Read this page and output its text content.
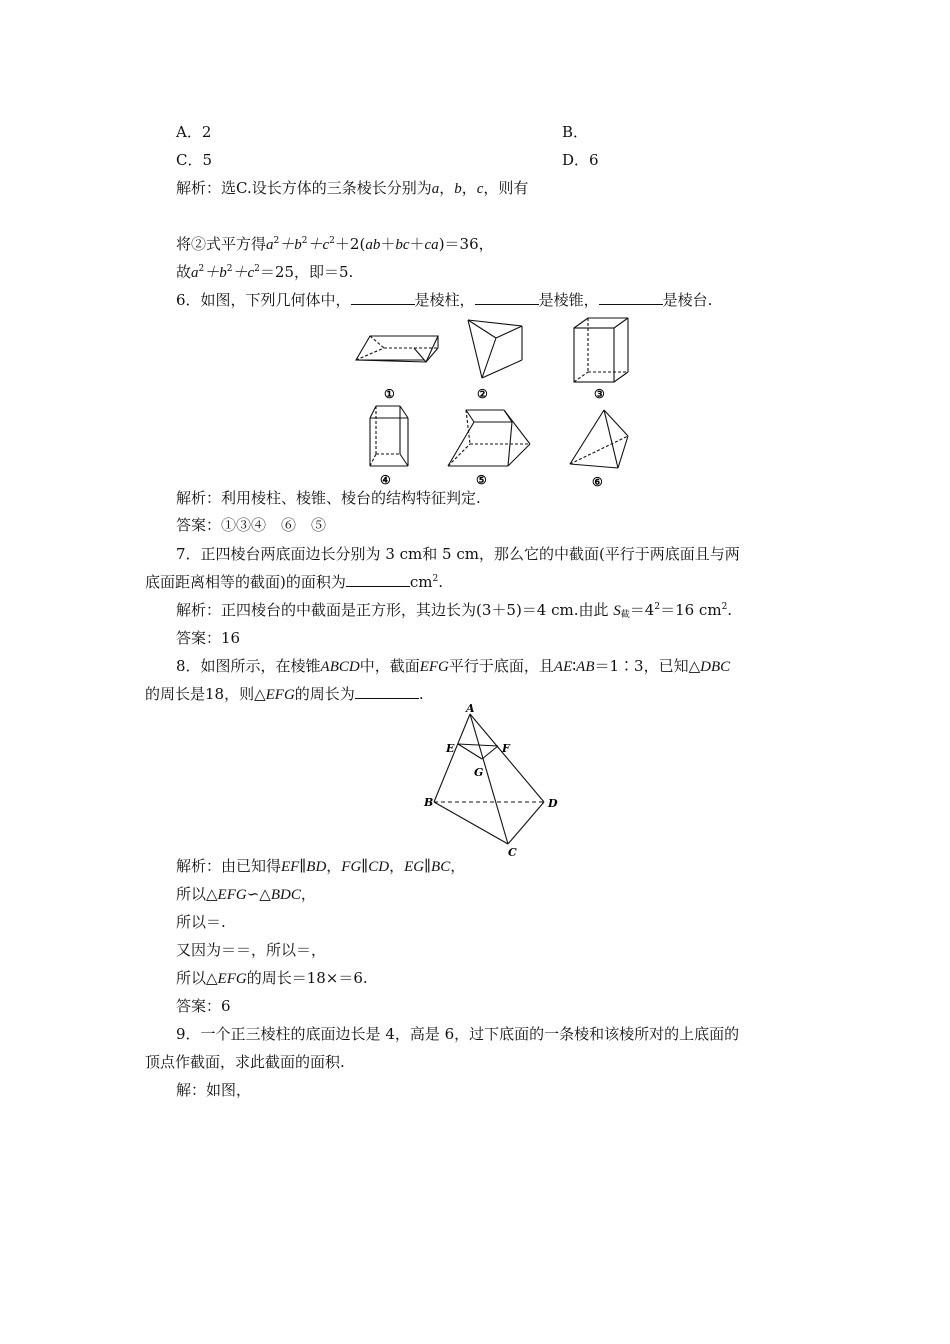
A．2	B．
C．5	D．6
解析：选C.设长方体的三条棱长分别为a，b，c，则有
将②式平方得$a^2+b^2+c^2+2(ab+bc+ca)=36$，
故$a^2+b^2+c^2=25$，即＝5.
6．如图，下列几何体中，	是棱柱，	是棱锥，	是棱台.
①	②	③
④	⑤	⑥
解析：利用棱柱、棱锥、棱台的结构特征判定.
答案：①③④　⑥　⑤
7．正四棱台两底面边长分别为 3 cm和 5 cm，那么它的中截面(平行于两底面且与两
底面距离相等的截面)的面积为	$cm^2$.
解析：正四棱台的中截面是正方形，其边长为(3＋5)＝4 cm.由此 $S_截=4^2=16$ $cm^2$.
答案：16
8．如图所示，在棱锥ABCD中，截面EFG平行于底面，且AE∶AB＝1∶3，已知△DBC
的周长是18，则△EFG的周长为	.
A
E	F
G
B	D
C
解析：由已知得EF∥BD，FG∥CD，EG∥BC，
所以△EFG∽△BDC，
所以＝.
又因为＝＝，所以＝，
所以△EFG的周长＝18×＝6.
答案：6
9．一个正三棱柱的底面边长是 4，高是 6，过下底面的一条棱和该棱所对的上底面的
顶点作截面，求此截面的面积.
解：如图，
